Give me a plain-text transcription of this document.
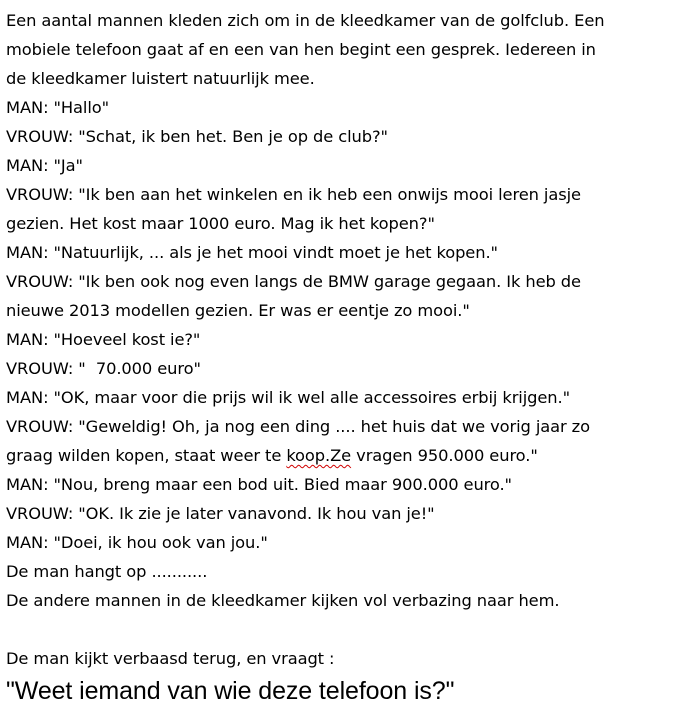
Een aantal mannen kleden zich om in de kleedkamer van de golfclub. Een
mobiele telefoon gaat af en een van hen begint een gesprek. Iedereen in
de kleedkamer luistert natuurlijk mee.
MAN: "Hallo"
VROUW: "Schat, ik ben het. Ben je op de club?"
MAN: "Ja"
VROUW: "Ik ben aan het winkelen en ik heb een onwijs mooi leren jasje
gezien. Het kost maar 1000 euro. Mag ik het kopen?"
MAN: "Natuurlijk, ... als je het mooi vindt moet je het kopen."
VROUW: "Ik ben ook nog even langs de BMW garage gegaan. Ik heb de
nieuwe 2013 modellen gezien. Er was er eentje zo mooi."
MAN: "Hoeveel kost ie?"
VROUW: "  70.000 euro"
MAN: "OK, maar voor die prijs wil ik wel alle accessoires erbij krijgen."
VROUW: "Geweldig! Oh, ja nog een ding .... het huis dat we vorig jaar zo
graag wilden kopen, staat weer te koop.Ze vragen 950.000 euro."
MAN: "Nou, breng maar een bod uit. Bied maar 900.000 euro."
VROUW: "OK. Ik zie je later vanavond. Ik hou van je!"
MAN: "Doei, ik hou ook van jou."
De man hangt op ...........
De andere mannen in de kleedkamer kijken vol verbazing naar hem.
De man kijkt verbaasd terug, en vraagt :
"Weet iemand van wie deze telefoon is?"
